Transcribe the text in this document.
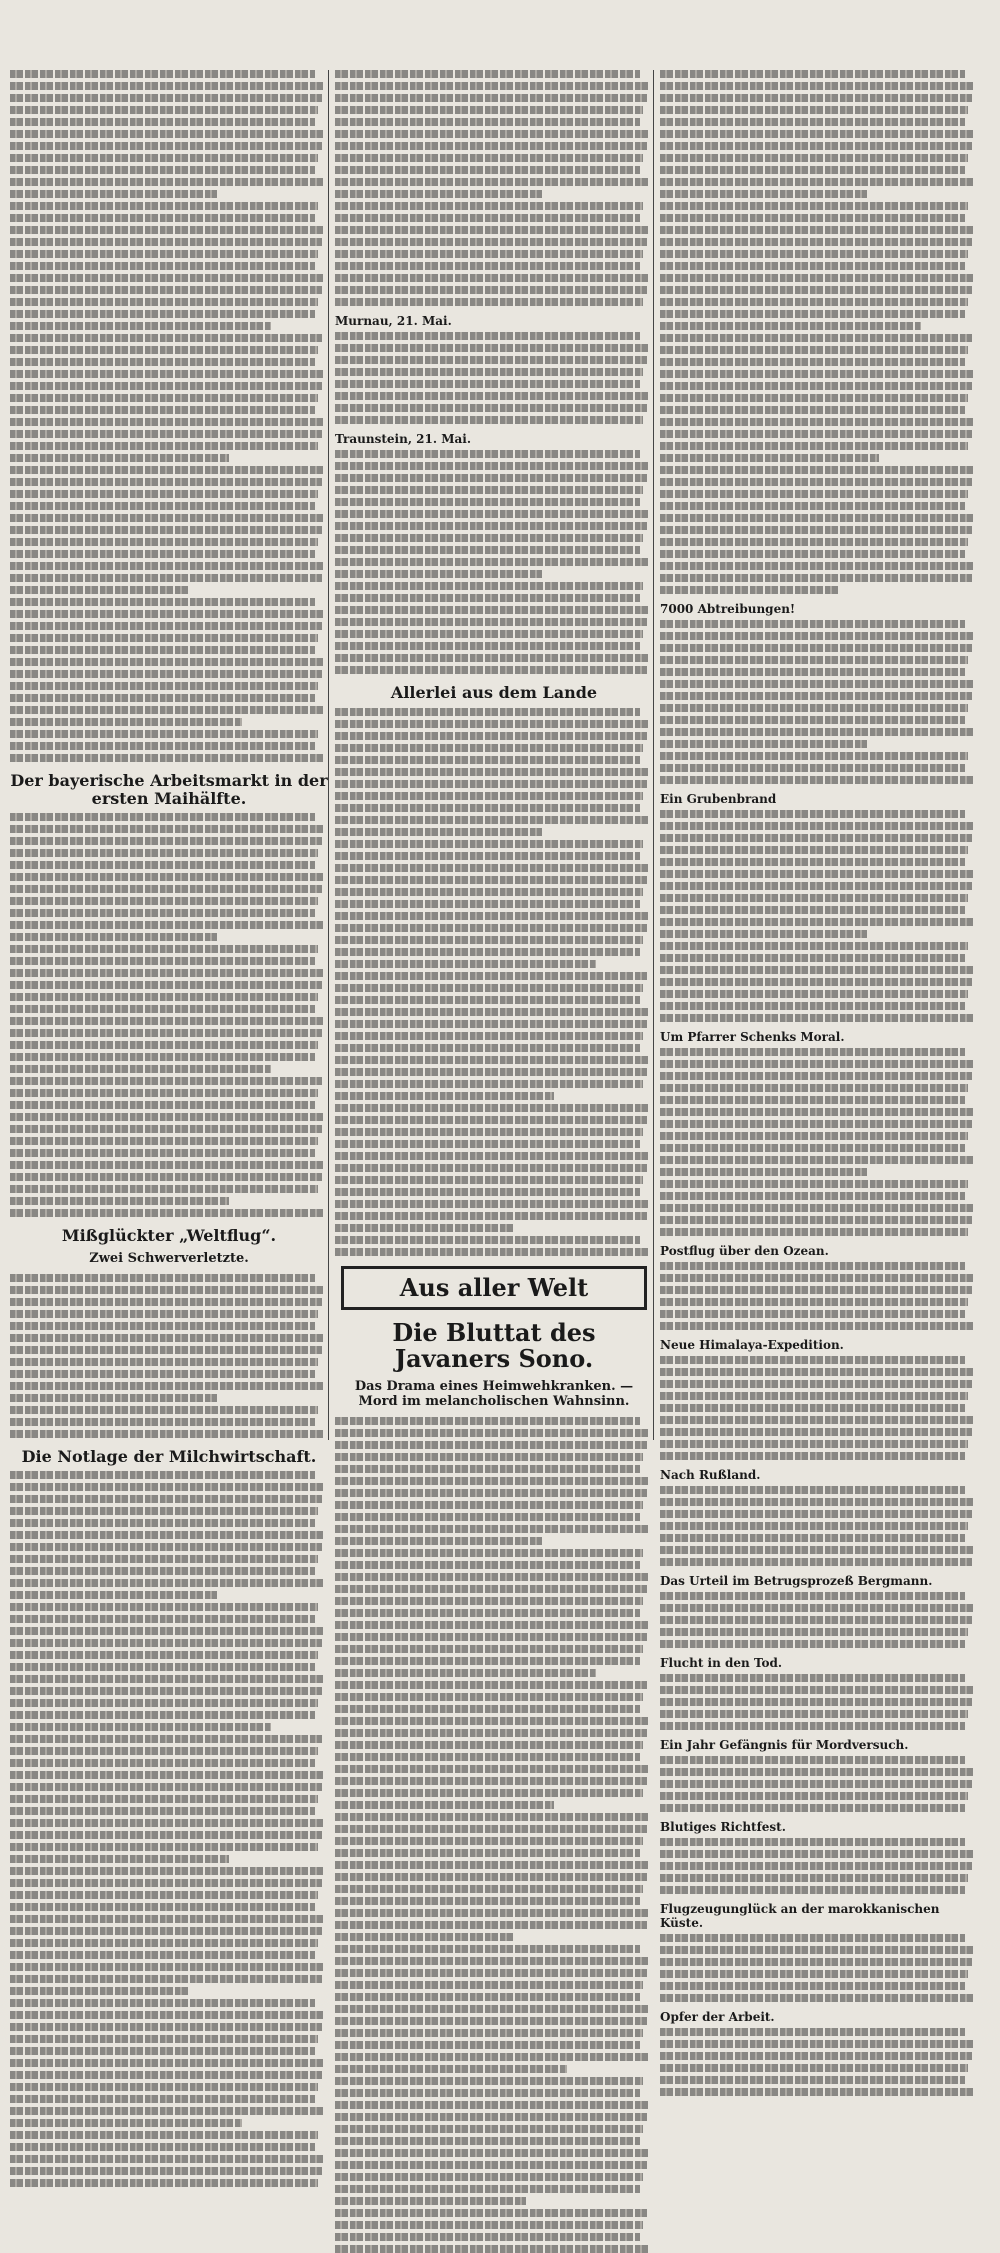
Der bayerische Arbeitsmarkt in der ersten Maihälfte.
Mißglückter „Weltflug“.
Zwei Schwerverletzte.
Die Notlage der Milchwirtschaft.
Murnau, 21. Mai.
Traunstein, 21. Mai.
Allerlei aus dem Lande
Aus aller Welt
Die Bluttat des Javaners Sono.
Das Drama eines Heimwehkranken. — Mord im melancholischen Wahnsinn.
7000 Abtreibungen!
Ein Grubenbrand
Um Pfarrer Schenks Moral.
Postflug über den Ozean.
Neue Himalaya-Expedition.
Nach Rußland.
Das Urteil im Betrugsprozeß Bergmann.
Flucht in den Tod.
Ein Jahr Gefängnis für Mordversuch.
Blutiges Richtfest.
Flugzeugunglück an der marokkanischen Küste.
Opfer der Arbeit.
